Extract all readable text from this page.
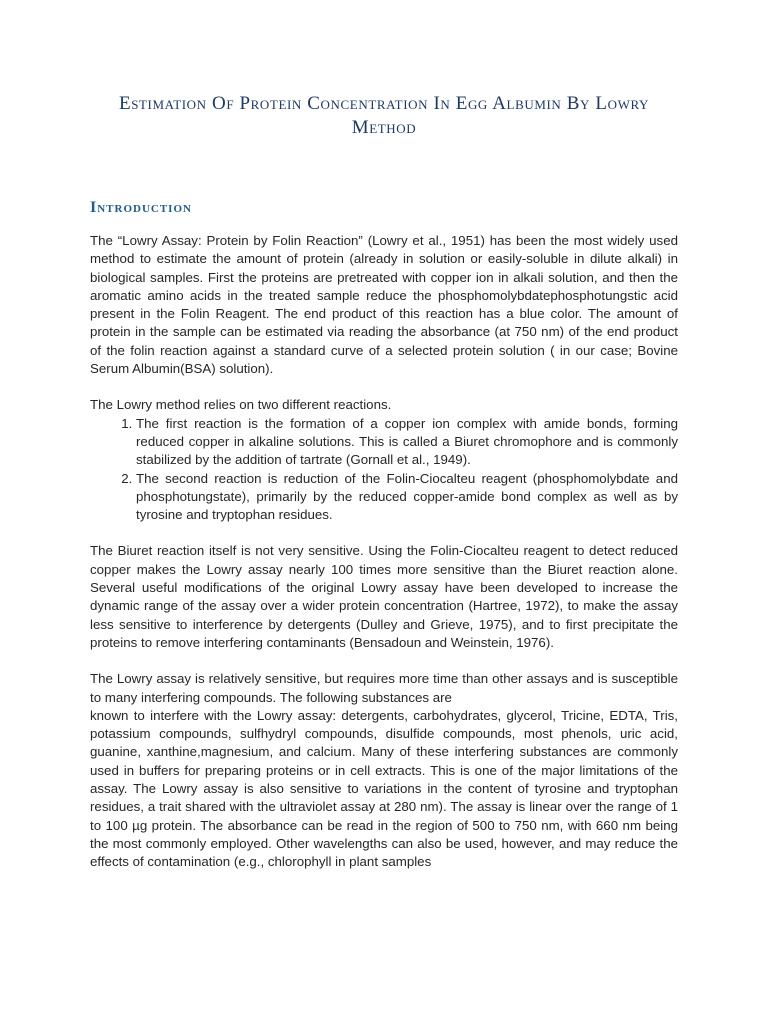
Estimation Of Protein Concentration In Egg Albumin By Lowry Method
Introduction

The “Lowry Assay: Protein by Folin Reaction” (Lowry et al., 1951) has been the most widely used method to estimate the amount of protein (already in solution or easily-soluble in dilute alkali) in biological samples. First the proteins are pretreated with copper ion in alkali solution, and then the aromatic amino acids in the treated sample reduce the phosphomolybdatephosphotungstic acid present in the Folin Reagent. The end product of this reaction has a blue color. The amount of protein in the sample can be estimated via reading the absorbance (at 750 nm) of the end product of the folin reaction against a standard curve of a selected protein solution ( in our case; Bovine Serum Albumin(BSA) solution).

The Lowry method relies on two different reactions.

1. The first reaction is the formation of a copper ion complex with amide bonds, forming reduced copper in alkaline solutions. This is called a Biuret chromophore and is commonly stabilized by the addition of tartrate (Gornall et al., 1949).
2. The second reaction is reduction of the Folin-Ciocalteu reagent (phosphomolybdate and phosphotungstate), primarily by the reduced copper-amide bond complex as well as by tyrosine and tryptophan residues.

The Biuret reaction itself is not very sensitive. Using the Folin-Ciocalteu reagent to detect reduced copper makes the Lowry assay nearly 100 times more sensitive than the Biuret reaction alone. Several useful modifications of the original Lowry assay have been developed to increase the dynamic range of the assay over a wider protein concentration (Hartree, 1972), to make the assay less sensitive to interference by detergents (Dulley and Grieve, 1975), and to first precipitate the proteins to remove interfering contaminants (Bensadoun and Weinstein, 1976).

The Lowry assay is relatively sensitive, but requires more time than other assays and is susceptible to many interfering compounds. The following substances are

known to interfere with the Lowry assay: detergents, carbohydrates, glycerol, Tricine, EDTA, Tris, potassium compounds, sulfhydryl compounds, disulfide compounds, most phenols, uric acid, guanine, xanthine,magnesium, and calcium. Many of these interfering substances are commonly used in buffers for preparing proteins or in cell extracts. This is one of the major limitations of the assay. The Lowry assay is also sensitive to variations in the content of tyrosine and tryptophan residues, a trait shared with the ultraviolet assay at 280 nm). The assay is linear over the range of 1 to 100 µg protein. The absorbance can be read in the region of 500 to 750 nm, with 660 nm being the most commonly employed. Other wavelengths can also be used, however, and may reduce the effects of contamination (e.g., chlorophyll in plant samples
